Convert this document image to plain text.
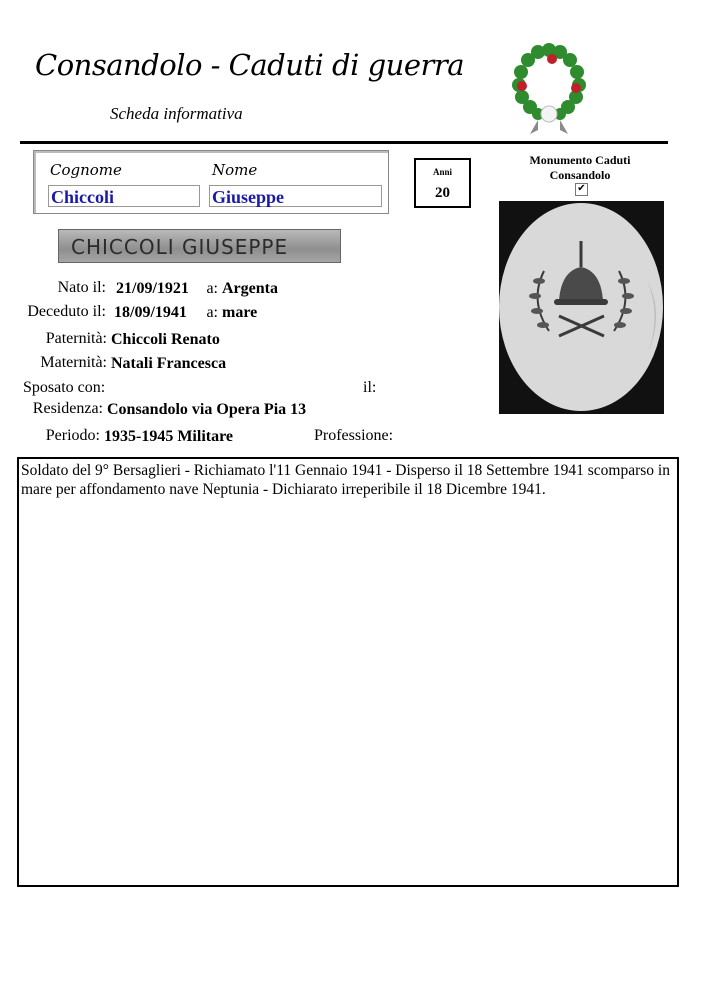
Consandolo - Caduti di guerra
Scheda informativa
Cognome	Nome
Chiccoli	Giuseppe
Anni
20
Monumento Caduti Consandolo
✔
CHICCOLI GIUSEPPE
Nato il: 21/09/1921	a: Argenta
Deceduto il: 18/09/1941	a: mare
Paternità: Chiccoli Renato
Maternità: Natali Francesca
Sposato con:	il:
Residenza: Consandolo via Opera Pia 13
Periodo: 1935-1945 Militare	Professione:
Soldato del 9° Bersaglieri - Richiamato l'11 Gennaio 1941 - Disperso il 18 Settembre 1941 scomparso in mare per affondamento nave Neptunia - Dichiarato irreperibile il 18 Dicembre 1941.
